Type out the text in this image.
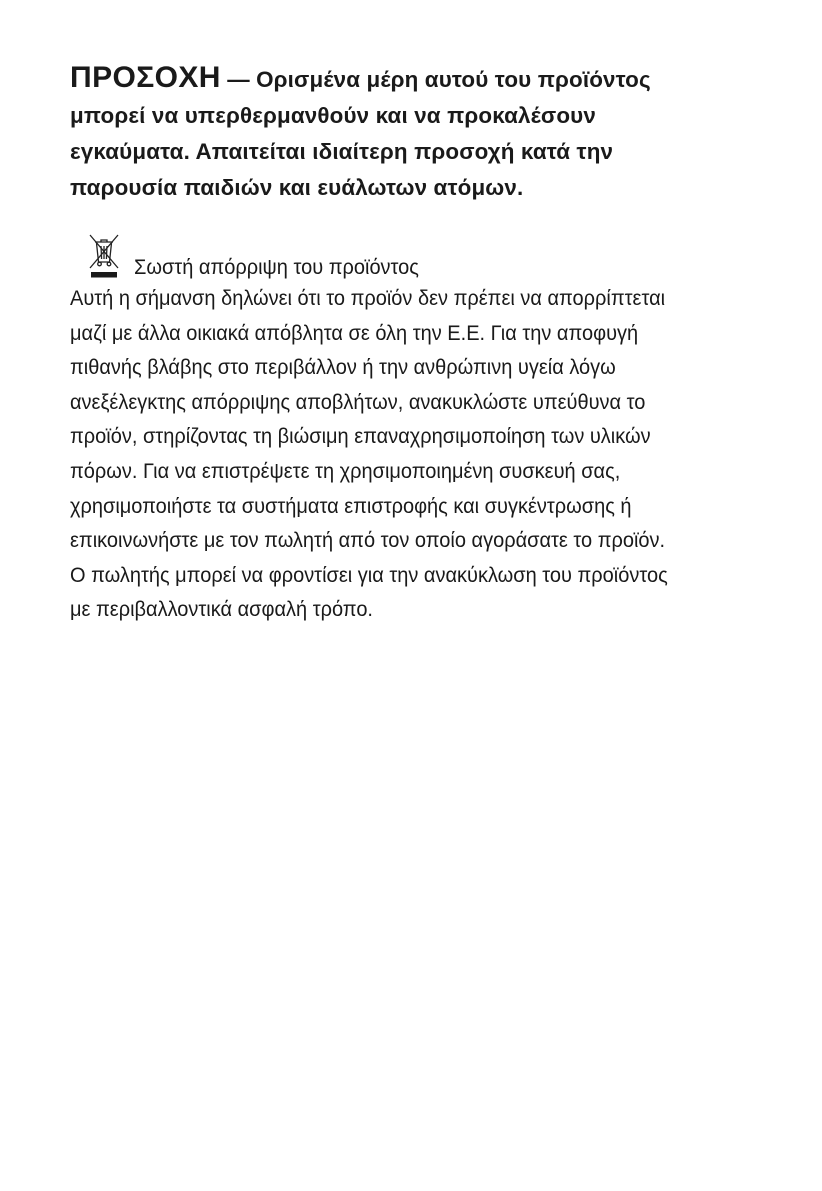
ΠΡΟΣΟΧΗ — Ορισμένα μέρη αυτού του προϊόντος
μπορεί να υπερθερμανθούν και να προκαλέσουν
εγκαύματα. Απαιτείται ιδιαίτερη προσοχή κατά την
παρουσία παιδιών και ευάλωτων ατόμων.

Σωστή απόρριψη του προϊόντος
Αυτή η σήμανση δηλώνει ότι το προϊόν δεν πρέπει να απορρίπτεται
μαζί με άλλα οικιακά απόβλητα σε όλη την Ε.Ε. Για την αποφυγή
πιθανής βλάβης στο περιβάλλον ή την ανθρώπινη υγεία λόγω
ανεξέλεγκτης απόρριψης αποβλήτων, ανακυκλώστε υπεύθυνα το
προϊόν, στηρίζοντας τη βιώσιμη επαναχρησιμοποίηση των υλικών
πόρων. Για να επιστρέψετε τη χρησιμοποιημένη συσκευή σας,
χρησιμοποιήστε τα συστήματα επιστροφής και συγκέντρωσης ή
επικοινωνήστε με τον πωλητή από τον οποίο αγοράσατε το προϊόν.
Ο πωλητής μπορεί να φροντίσει για την ανακύκλωση του προϊόντος
με περιβαλλοντικά ασφαλή τρόπο.
